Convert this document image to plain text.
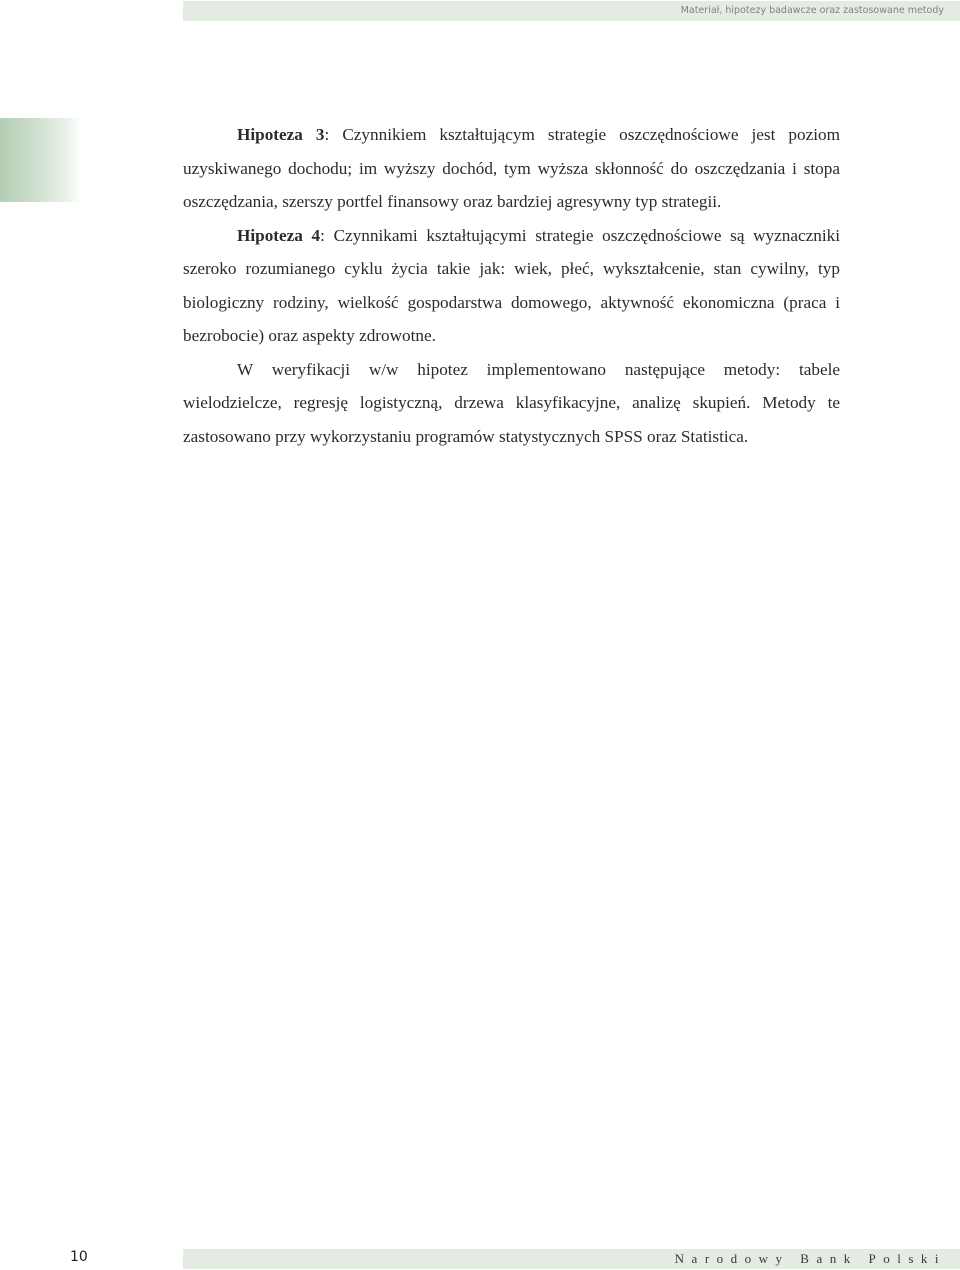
Materiał, hipotezy badawcze oraz zastosowane metody

Hipoteza 3: Czynnikiem kształtującym strategie oszczędnościowe jest poziom uzyskiwanego dochodu; im wyższy dochód, tym wyższa skłonność do oszczędzania i stopa oszczędzania, szerszy portfel finansowy oraz bardziej agresywny typ strategii.

Hipoteza 4: Czynnikami kształtującymi strategie oszczędnościowe są wyznaczniki szeroko rozumianego cyklu życia takie jak: wiek, płeć, wykształcenie, stan cywilny, typ biologiczny rodziny, wielkość gospodarstwa domowego, aktywność ekonomiczna (praca i bezrobocie) oraz aspekty zdrowotne.

W weryfikacji w/w hipotez implementowano następujące metody: tabele wielodzielcze, regresję logistyczną, drzewa klasyfikacyjne, analizę skupień. Metody te zastosowano przy wykorzystaniu programów statystycznych SPSS oraz Statistica.

10	Narodowy Bank Polski
